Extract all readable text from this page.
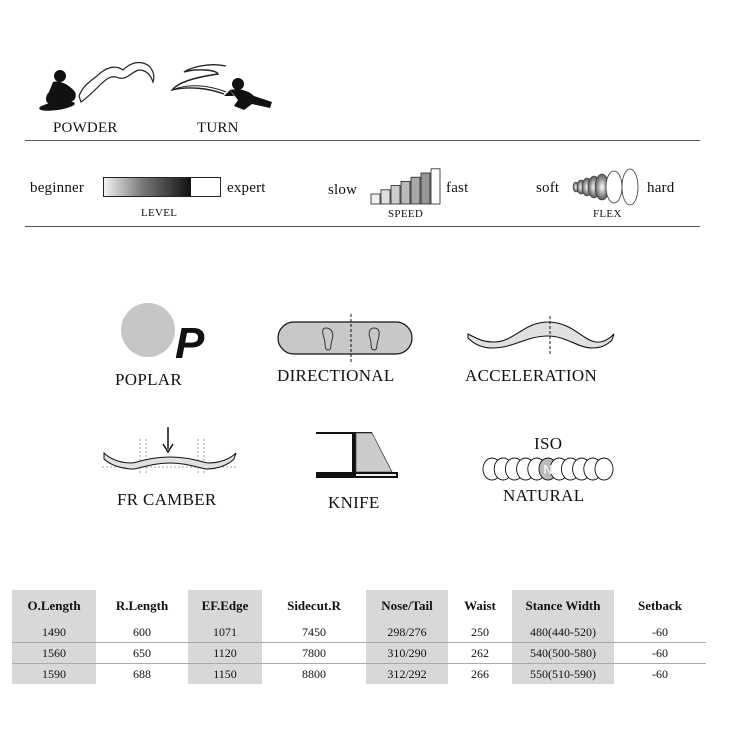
POWDER	TURN
beginner	expert
LEVEL
slow	fast
SPEED
soft	hard
FLEX
P
POPLAR	DIRECTIONAL	ACCELERATION
FR CAMBER	KNIFE
ISO
N
NATURAL
O.Length	R.Length	EF.Edge	Sidecut.R	Nose/Tail	Waist	Stance Width	Setback
1490	600	1071	7450	298/276	250	480(440-520)	-60
1560	650	1120	7800	310/290	262	540(500-580)	-60
1590	688	1150	8800	312/292	266	550(510-590)	-60
